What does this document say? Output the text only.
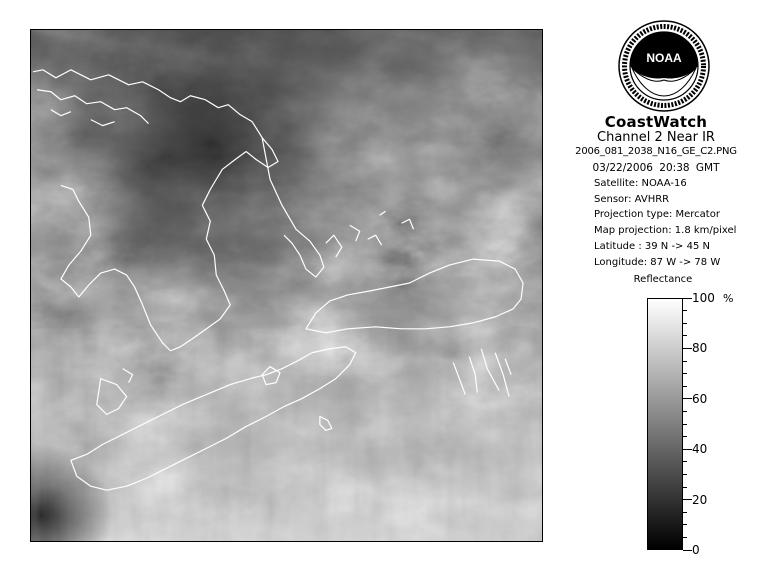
NOAA
CoastWatch
Channel 2 Near IR
2006_081_2038_N16_GE_C2.PNG
03/22/2006 20:38 GMT
Satellite: NOAA-16
Sensor: AVHRR
Projection type: Mercator
Map projection: 1.8 km/pixel
Latitude : 39 N -> 45 N
Longitude: 87 W -> 78 W
Reflectance
%
100
80
60
40
20
0
